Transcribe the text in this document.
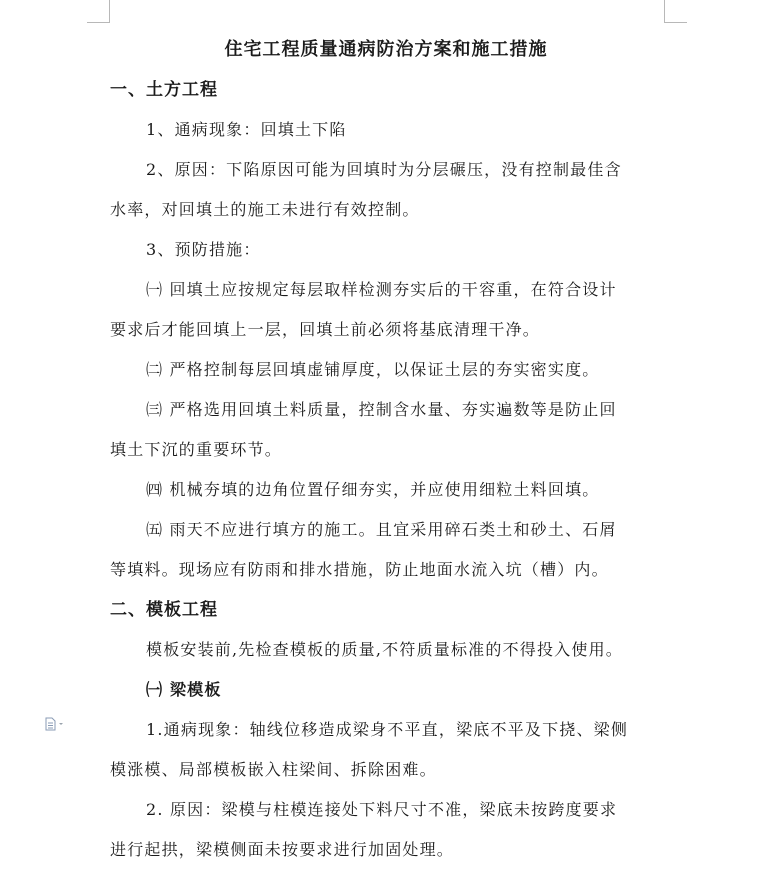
住宅工程质量通病防治方案和施工措施

一、土方工程

1、通病现象：回填土下陷

2、原因：下陷原因可能为回填时为分层碾压，没有控制最佳含

水率，对回填土的施工未进行有效控制。

3、预防措施：

㈠ 回填土应按规定每层取样检测夯实后的干容重，在符合设计

要求后才能回填上一层，回填土前必须将基底清理干净。

㈡ 严格控制每层回填虚铺厚度，以保证土层的夯实密实度。

㈢ 严格选用回填土料质量，控制含水量、夯实遍数等是防止回

填土下沉的重要环节。

㈣ 机械夯填的边角位置仔细夯实，并应使用细粒土料回填。

㈤ 雨天不应进行填方的施工。且宜采用碎石类土和砂土、石屑

等填料。现场应有防雨和排水措施，防止地面水流入坑（槽）内。

二、模板工程

模板安装前,先检查模板的质量,不符质量标准的不得投入使用。

㈠ 梁模板

1.通病现象：轴线位移造成梁身不平直，梁底不平及下挠、梁侧

模涨模、局部模板嵌入柱梁间、拆除困难。

2. 原因：梁模与柱模连接处下料尺寸不准，梁底未按跨度要求

进行起拱，梁模侧面未按要求进行加固处理。
